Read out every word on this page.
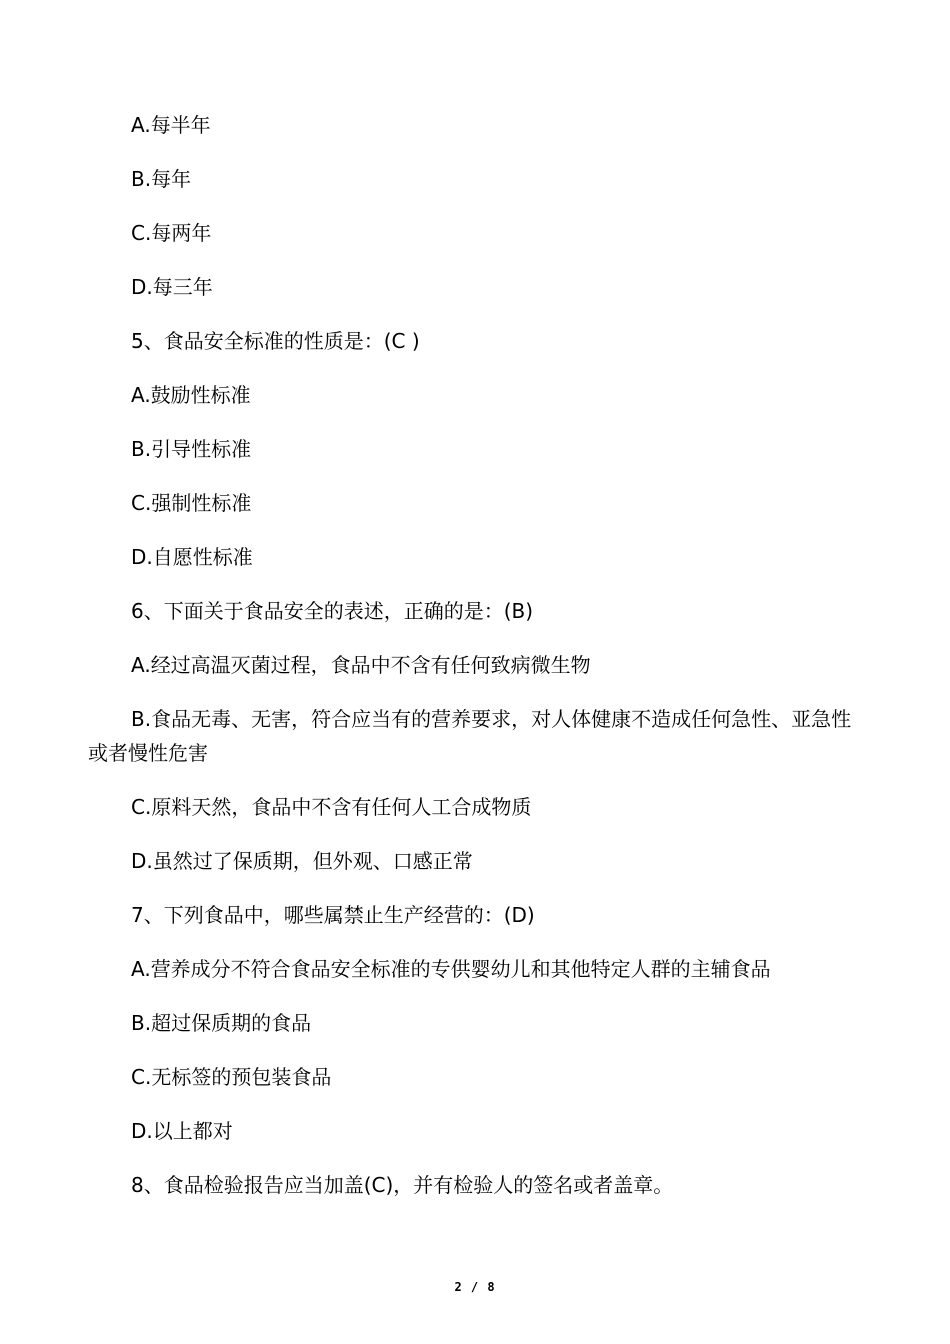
A.每半年

B.每年

C.每两年

D.每三年

5、食品安全标准的性质是：(C )

A.鼓励性标准

B.引导性标准

C.强制性标准

D.自愿性标准

6、下面关于食品安全的表述，正确的是：(B)

A.经过高温灭菌过程，食品中不含有任何致病微生物

B.食品无毒、无害，符合应当有的营养要求，对人体健康不造成任何急性、亚急性或者慢性危害

C.原料天然，食品中不含有任何人工合成物质

D.虽然过了保质期，但外观、口感正常

7、下列食品中，哪些属禁止生产经营的：(D)

A.营养成分不符合食品安全标准的专供婴幼儿和其他特定人群的主辅食品

B.超过保质期的食品

C.无标签的预包装食品

D.以上都对

8、食品检验报告应当加盖(C)，并有检验人的签名或者盖章。

2 / 8
